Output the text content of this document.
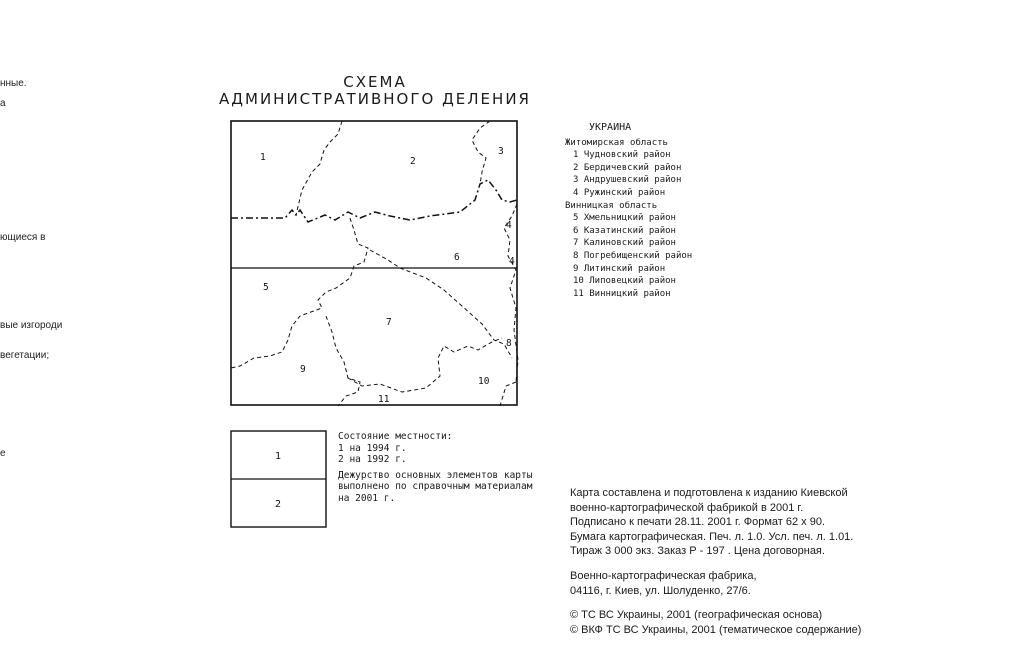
нные.
а
ющиеся в
вые изгороди
вегетации;
е
СХЕМА
АДМИНИСТРАТИВНОГО ДЕЛЕНИЯ
1	2
3
4
4
5
6
7
8
9
10
11
УКРАИНА
Житомирская область
1 Чудновский район
2 Бердичевский район
3 Андрушевский район
4 Ружинский район
Винницкая область
5 Хмельницкий район
6 Казатинский район
7 Калиновский район
8 Погребищенский район
9 Литинский район
10 Липовецкий район
11 Винницкий район
1
2
Состояние местности:
1 на 1994 г.
2 на 1992 г.
Дежурство основных элементов карты
выполнено по справочным материалам
на 2001 г.	Карта составлена и подготовлена к изданию Киевской
военно-картографической фабрикой в 2001 г.
Подписано к печати 28.11. 2001 г. Формат 62 х 90.
Бумага картографическая. Печ. л. 1.0. Усл. печ. л. 1.01.
Тираж 3 000 экз. Заказ Р - 197 . Цена договорная.
Военно-картографическая фабрика,
04116, г. Киев, ул. Шолуденко, 27/6.
© ТС ВС Украины, 2001 (географическая основа)
© ВКФ ТС ВС Украины, 2001 (тематическое содержание)
